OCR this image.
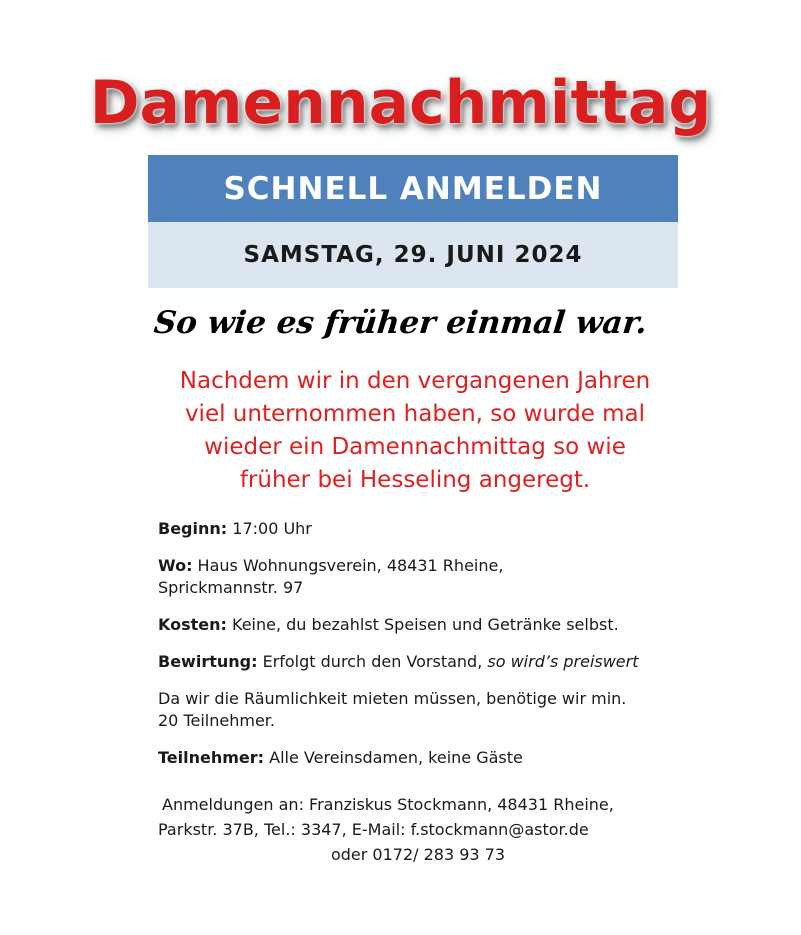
Damennachmittag
SCHNELL ANMELDEN
SAMSTAG, 29. JUNI 2024
So wie es früher einmal war.
Nachdem wir in den vergangenen Jahren
viel unternommen haben, so wurde mal
wieder ein Damennachmittag so wie
früher bei Hesseling angeregt.
Beginn: 17:00 Uhr
Wo: Haus Wohnungsverein, 48431 Rheine,
Sprickmannstr. 97
Kosten: Keine, du bezahlst Speisen und Getränke selbst.
Bewirtung: Erfolgt durch den Vorstand, so wird’s preiswert
Da wir die Räumlichkeit mieten müssen, benötige wir min.
20 Teilnehmer.
Teilnehmer: Alle Vereinsdamen, keine Gäste
Anmeldungen an: Franziskus Stockmann, 48431 Rheine,
Parkstr. 37B, Tel.: 3347, E-Mail: f.stockmann@astor.de
oder 0172/ 283 93 73
